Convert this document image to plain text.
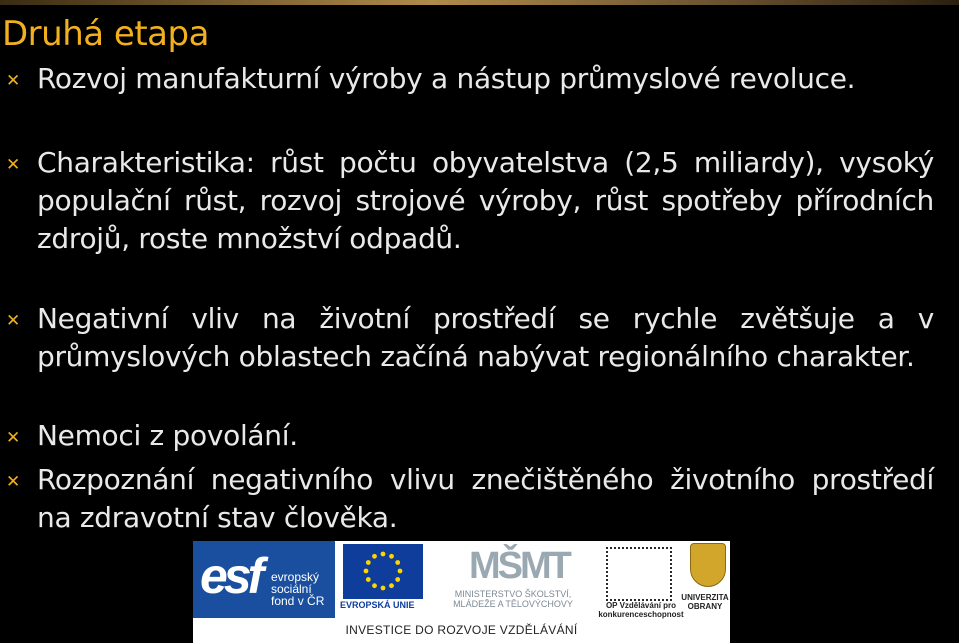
Druhá etapa
✕ Rozvoj manufakturní výroby a nástup průmyslové revoluce.
✕ Charakteristika: růst počtu obyvatelstva (2,5 miliardy), vysoký populační růst, rozvoj strojové výroby, růst spotřeby přírodních zdrojů, roste množství odpadů.
✕ Negativní vliv na životní prostředí se rychle zvětšuje a v průmyslových oblastech začíná nabývat regionálního charakter.
✕ Nemoci z povolání.
✕ Rozpoznání negativního vlivu znečištěného životního prostředí na zdravotní stav člověka.
esf evropský sociální fond v ČR	EVROPSKÁ UNIE
MŠMT
MINISTERSTVO ŠKOLSTVÍ, MLÁDEŽE A TĚLOVÝCHOVY	OP Vzdělávání pro konkurenceschopnost
UNIVERZITA OBRANY
INVESTICE DO ROZVOJE VZDĚLÁVÁNÍ
